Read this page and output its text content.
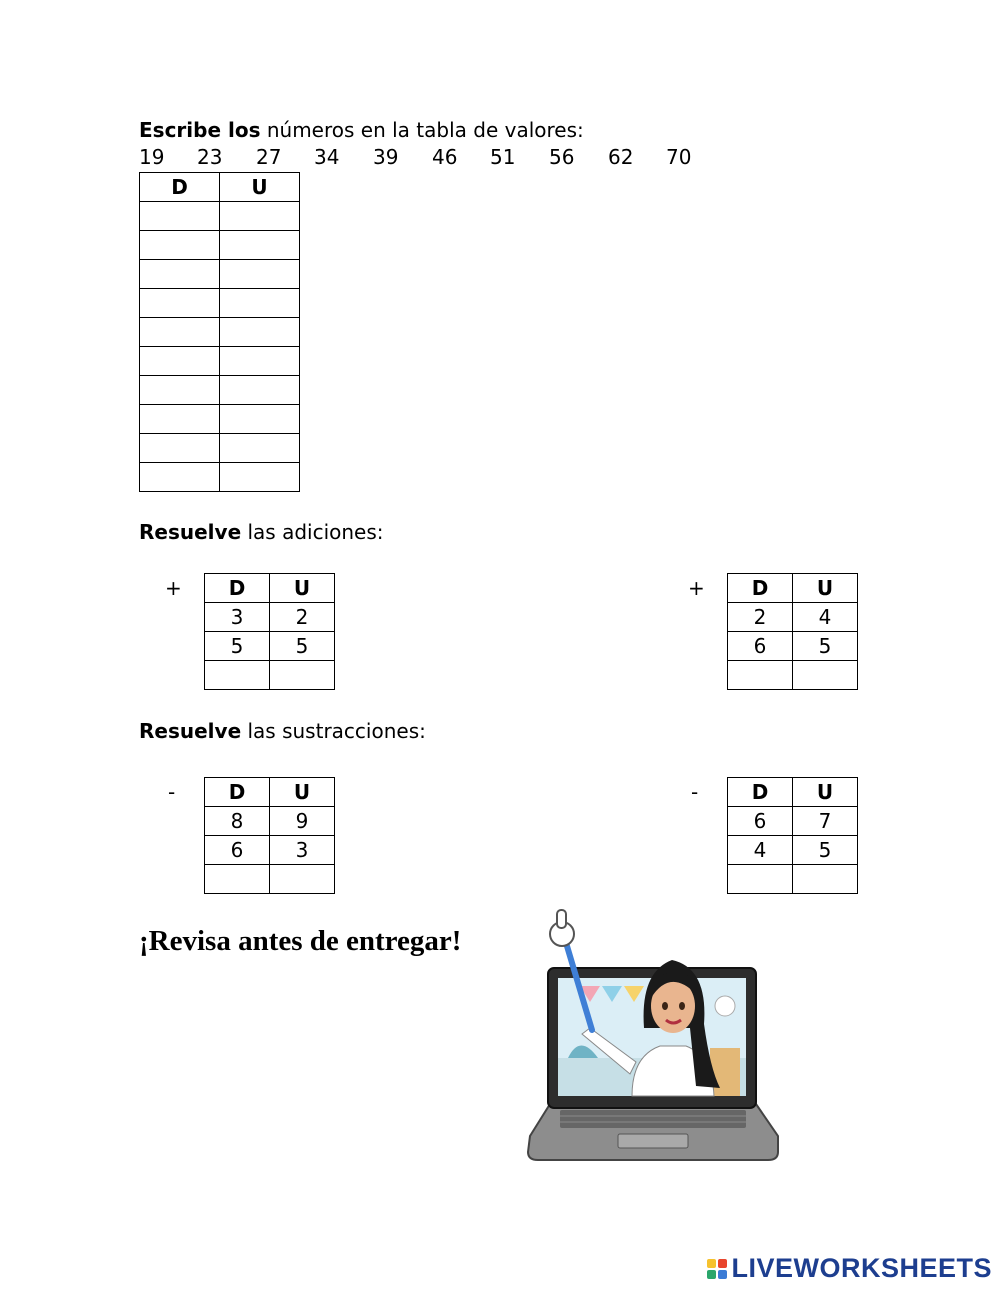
Escribe los números en la tabla de valores:
19 23 27 34 39 46 51 56 62 70
D	U

Resuelve las adiciones:
+ D	U
3	2
5	5

+ D	U
2	4
6	5

Resuelve las sustracciones:
-	D	U
8	9
6	3

-	D	U
6	7
4	5

¡Revisa antes de entregar!
LIVEWORKSHEETS
